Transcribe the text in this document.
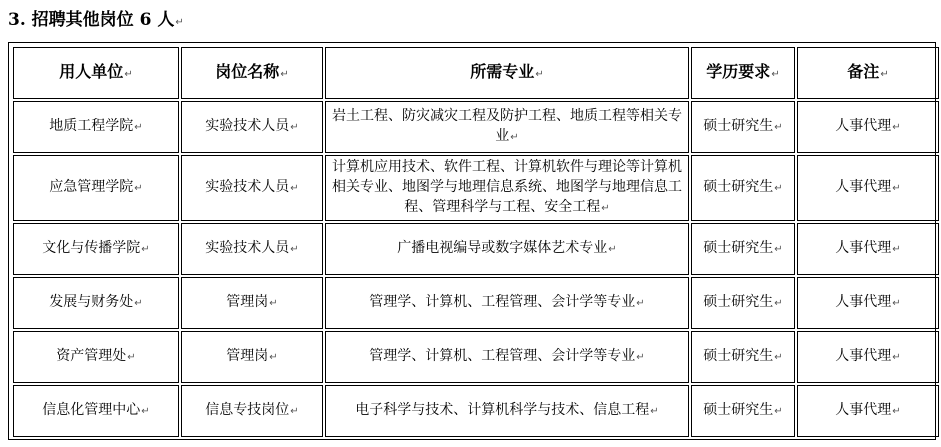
3. 招聘其他岗位 6 人↵
用人单位↵	岗位名称↵	所需专业↵	学历要求↵	备注↵
地质工程学院↵	实验技术人员↵	岩土工程、防灾减灾工程及防护工程、地质工程等相关专业↵	硕士研究生↵	人事代理↵
应急管理学院↵	实验技术人员↵	计算机应用技术、软件工程、计算机软件与理论等计算机相关专业、地图学与地理信息系统、地图学与地理信息工程、管理科学与工程、安全工程↵	硕士研究生↵	人事代理↵
文化与传播学院↵	实验技术人员↵	广播电视编导或数字媒体艺术专业↵	硕士研究生↵	人事代理↵
发展与财务处↵	管理岗↵	管理学、计算机、工程管理、会计学等专业↵	硕士研究生↵	人事代理↵
资产管理处↵	管理岗↵	管理学、计算机、工程管理、会计学等专业↵	硕士研究生↵	人事代理↵
信息化管理中心↵	信息专技岗位↵	电子科学与技术、计算机科学与技术、信息工程↵	硕士研究生↵	人事代理↵
